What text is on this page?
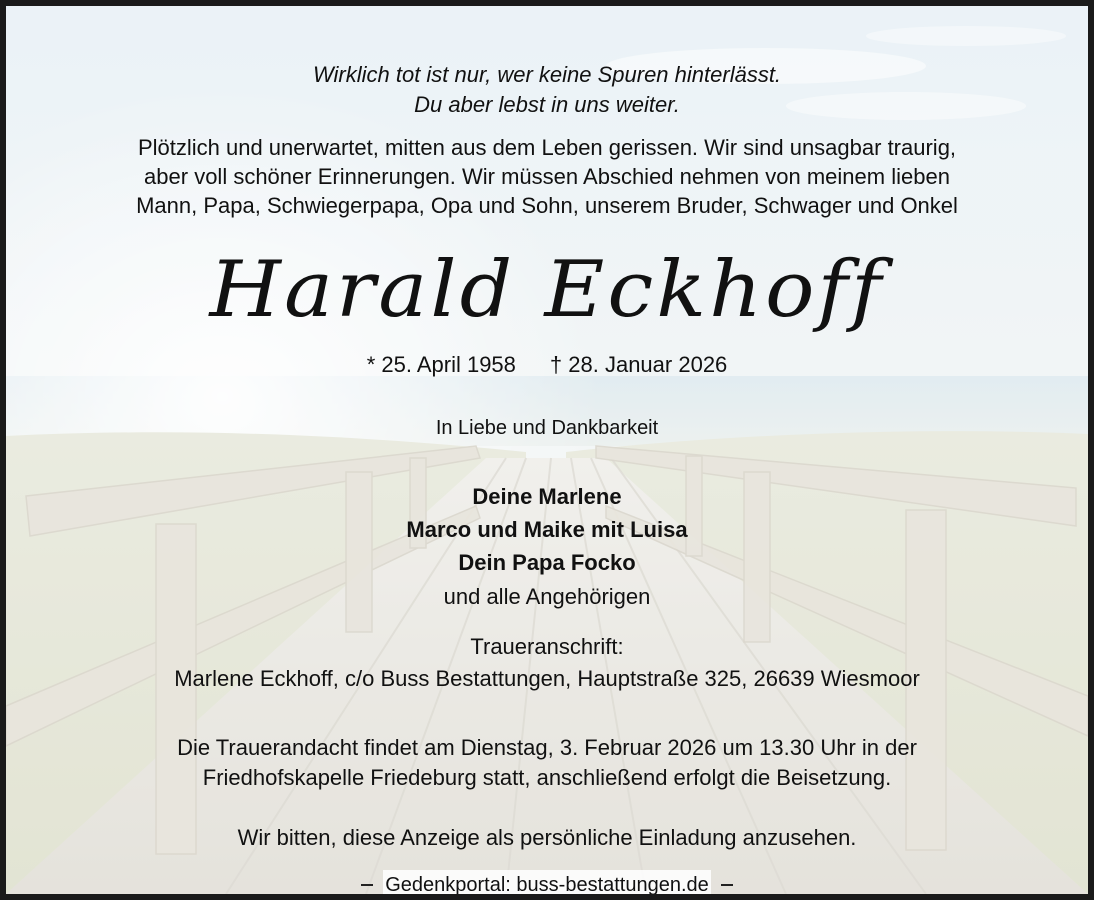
Wirklich tot ist nur, wer keine Spuren hinterlässt.
Du aber lebst in uns weiter.
Plötzlich und unerwartet, mitten aus dem Leben gerissen. Wir sind unsagbar traurig,
aber voll schöner Erinnerungen. Wir müssen Abschied nehmen von meinem lieben
Mann, Papa, Schwiegerpapa, Opa und Sohn, unserem Bruder, Schwager und Onkel
Harald Eckhoff
* 25. April 1958 † 28. Januar 2026
In Liebe und Dankbarkeit
Deine Marlene
Marco und Maike mit Luisa
Dein Papa Focko
und alle Angehörigen
Traueranschrift:
Marlene Eckhoff, c/o Buss Bestattungen, Hauptstraße 325, 26639 Wiesmoor
Die Trauerandacht findet am Dienstag, 3. Februar 2026 um 13.30 Uhr in der
Friedhofskapelle Friedeburg statt, anschließend erfolgt die Beisetzung.
Wir bitten, diese Anzeige als persönliche Einladung anzusehen.
Gedenkportal: buss-bestattungen.de
